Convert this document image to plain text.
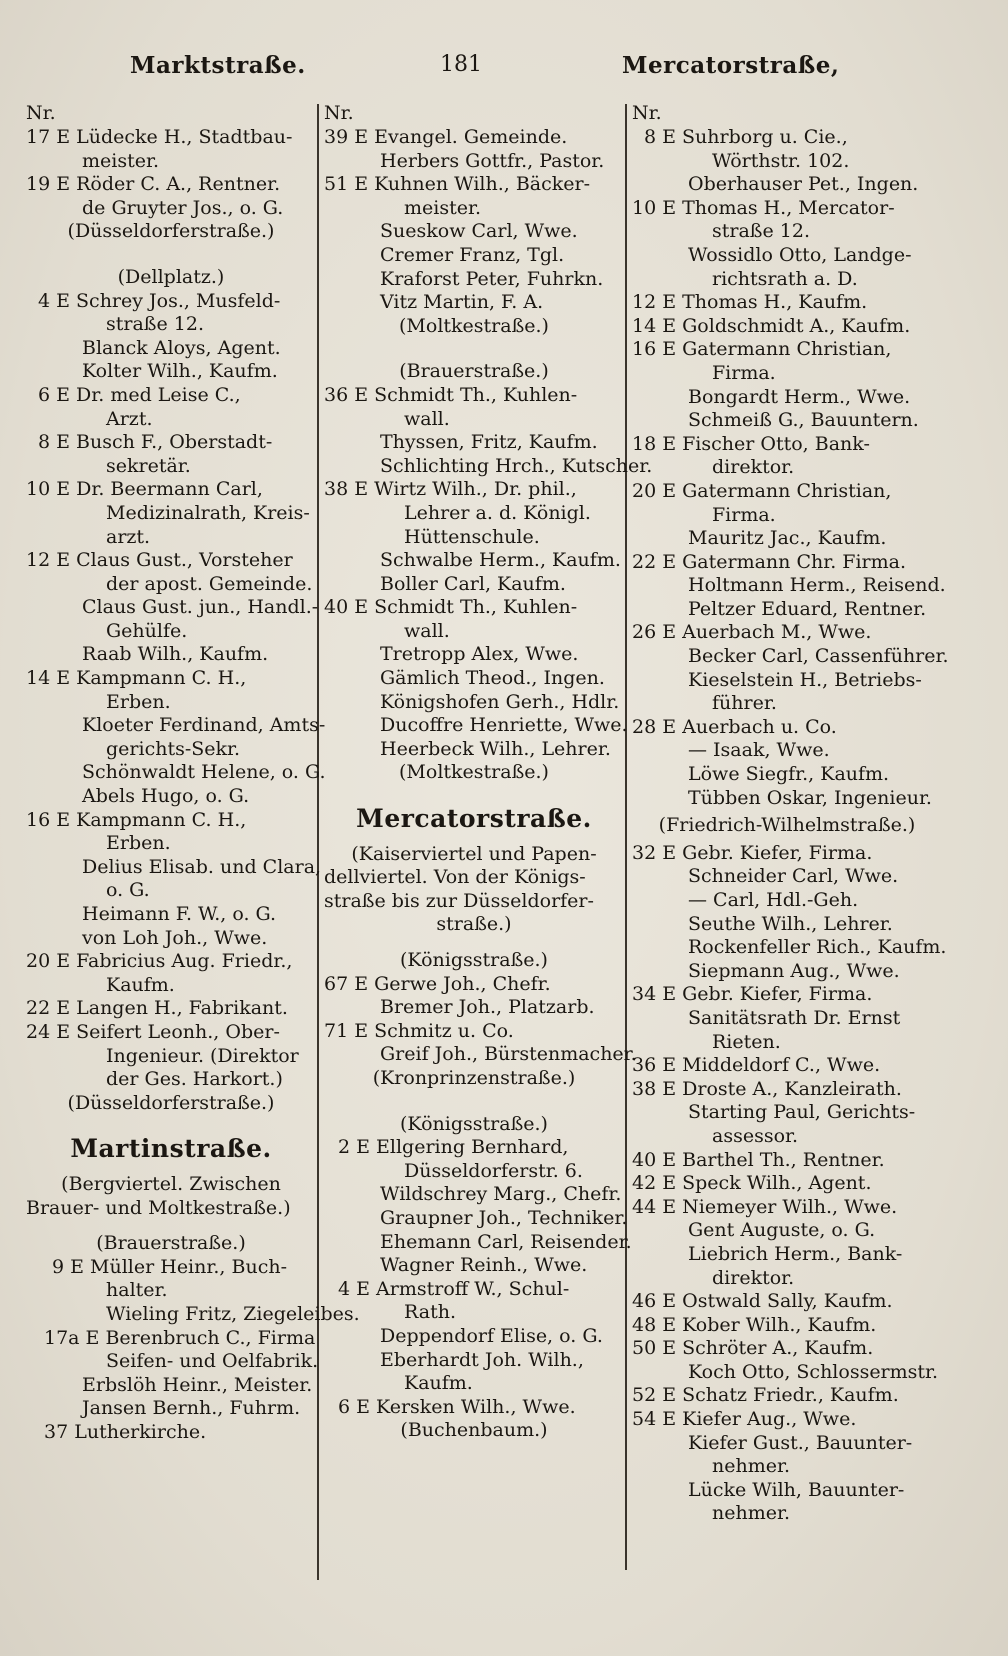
Marktstraße.	181	Mercatorstraße,
Nr.
17 E Lüdecke H., Stadtbau-
meister.
19 E Röder C. A., Rentner.
de Gruyter Jos., o. G.
(Düsseldorferstraße.)
(Dellplatz.)
4 E Schrey Jos., Musfeld-
straße 12.
Blanck Aloys, Agent.
Kolter Wilh., Kaufm.
6 E Dr. med Leise C.,
Arzt.
8 E Busch F., Oberstadt-
sekretär.
10 E Dr. Beermann Carl,
Medizinalrath, Kreis-
arzt.
12 E Claus Gust., Vorsteher
der apost. Gemeinde.
Claus Gust. jun., Handl.-
Gehülfe.
Raab Wilh., Kaufm.
14 E Kampmann C. H.,
Erben.
Kloeter Ferdinand, Amts-
gerichts-Sekr.
Schönwaldt Helene, o. G.
Abels Hugo, o. G.
16 E Kampmann C. H.,
Erben.
Delius Elisab. und Clara,
o. G.
Heimann F. W., o. G.
von Loh Joh., Wwe.
20 E Fabricius Aug. Friedr.,
Kaufm.
22 E Langen H., Fabrikant.
24 E Seifert Leonh., Ober-
Ingenieur. (Direktor
der Ges. Harkort.)
(Düsseldorferstraße.)
Martinstraße.
(Bergviertel. Zwischen
Brauer- und Moltkestraße.)
(Brauerstraße.)
9 E Müller Heinr., Buch-
halter.
Wieling Fritz, Ziegeleibes.
17a E Berenbruch C., Firma
Seifen- und Oelfabrik.
Erbslöh Heinr., Meister.
Jansen Bernh., Fuhrm.
37 Lutherkirche.
Nr.
39 E Evangel. Gemeinde.
Herbers Gottfr., Pastor.
51 E Kuhnen Wilh., Bäcker-
meister.
Sueskow Carl, Wwe.
Cremer Franz, Tgl.
Kraforst Peter, Fuhrkn.
Vitz Martin, F. A.
(Moltkestraße.)
(Brauerstraße.)
36 E Schmidt Th., Kuhlen-
wall.
Thyssen, Fritz, Kaufm.
Schlichting Hrch., Kutscher.
38 E Wirtz Wilh., Dr. phil.,
Lehrer a. d. Königl.
Hüttenschule.
Schwalbe Herm., Kaufm.
Boller Carl, Kaufm.
40 E Schmidt Th., Kuhlen-
wall.
Tretropp Alex, Wwe.
Gämlich Theod., Ingen.
Königshofen Gerh., Hdlr.
Ducoffre Henriette, Wwe.
Heerbeck Wilh., Lehrer.
(Moltkestraße.)
Mercatorstraße.
(Kaiserviertel und Papen-
dellviertel. Von der Königs-
straße bis zur Düsseldorfer-
straße.)
(Königsstraße.)
67 E Gerwe Joh., Chefr.
Bremer Joh., Platzarb.
71 E Schmitz u. Co.
Greif Joh., Bürstenmacher.
(Kronprinzenstraße.)
(Königsstraße.)
2 E Ellgering Bernhard,
Düsseldorferstr. 6.
Wildschrey Marg., Chefr.
Graupner Joh., Techniker.
Ehemann Carl, Reisender.
Wagner Reinh., Wwe.
4 E Armstroff W., Schul-
Rath.
Deppendorf Elise, o. G.
Eberhardt Joh. Wilh.,
Kaufm.
6 E Kersken Wilh., Wwe.
(Buchenbaum.)
Nr.
8 E Suhrborg u. Cie.,
Wörthstr. 102.
Oberhauser Pet., Ingen.
10 E Thomas H., Mercator-
straße 12.
Wossidlo Otto, Landge-
richtsrath a. D.
12 E Thomas H., Kaufm.
14 E Goldschmidt A., Kaufm.
16 E Gatermann Christian,
Firma.
Bongardt Herm., Wwe.
Schmeiß G., Bauuntern.
18 E Fischer Otto, Bank-
direktor.
20 E Gatermann Christian,
Firma.
Mauritz Jac., Kaufm.
22 E Gatermann Chr. Firma.
Holtmann Herm., Reisend.
Peltzer Eduard, Rentner.
26 E Auerbach M., Wwe.
Becker Carl, Cassenführer.
Kieselstein H., Betriebs-
führer.
28 E Auerbach u. Co.
— Isaak, Wwe.
Löwe Siegfr., Kaufm.
Tübben Oskar, Ingenieur.
(Friedrich-Wilhelmstraße.)
32 E Gebr. Kiefer, Firma.
Schneider Carl, Wwe.
— Carl, Hdl.-Geh.
Seuthe Wilh., Lehrer.
Rockenfeller Rich., Kaufm.
Siepmann Aug., Wwe.
34 E Gebr. Kiefer, Firma.
Sanitätsrath Dr. Ernst
Rieten.
36 E Middeldorf C., Wwe.
38 E Droste A., Kanzleirath.
Starting Paul, Gerichts-
assessor.
40 E Barthel Th., Rentner.
42 E Speck Wilh., Agent.
44 E Niemeyer Wilh., Wwe.
Gent Auguste, o. G.
Liebrich Herm., Bank-
direktor.
46 E Ostwald Sally, Kaufm.
48 E Kober Wilh., Kaufm.
50 E Schröter A., Kaufm.
Koch Otto, Schlossermstr.
52 E Schatz Friedr., Kaufm.
54 E Kiefer Aug., Wwe.
Kiefer Gust., Bauunter-
nehmer.
Lücke Wilh, Bauunter-
nehmer.
